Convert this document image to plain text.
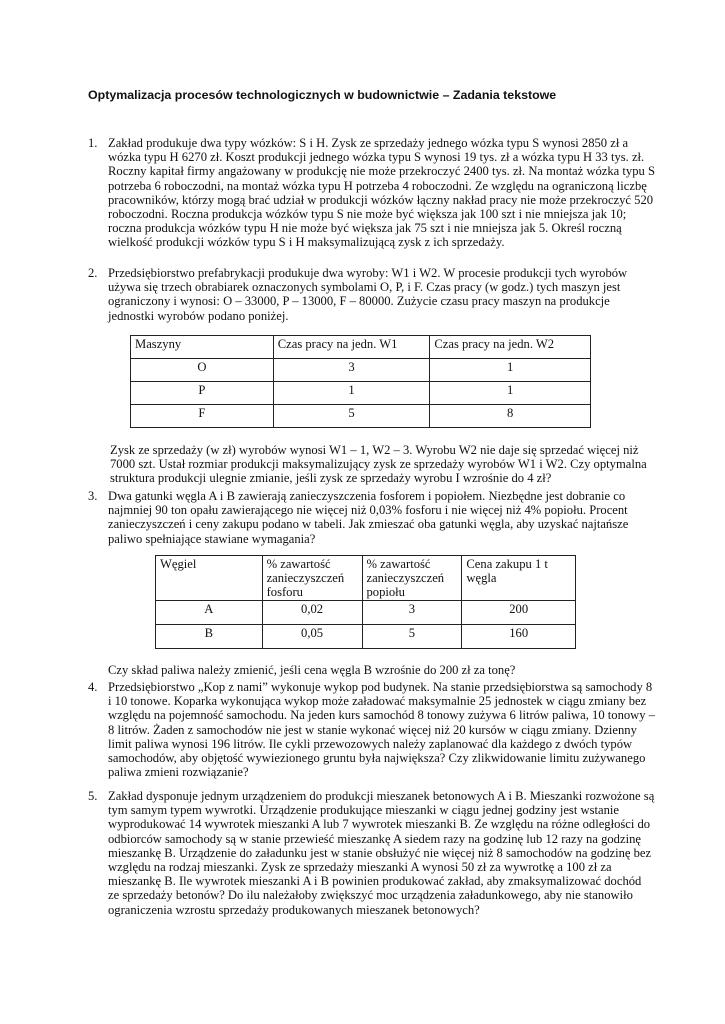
Optymalizacja procesów technologicznych w budownictwie – Zadania tekstowe
1. Zakład produkuje dwa typy wózków: S i H. Zysk ze sprzedaży jednego wózka typu S wynosi 2850 zł a
wózka typu H 6270 zł. Koszt produkcji jednego wózka typu S wynosi 19 tys. zł a wózka typu H 33 tys. zł.
Roczny kapitał firmy angażowany w produkcję nie może przekroczyć 2400 tys. zł. Na montaż wózka typu S
potrzeba 6 roboczodni, na montaż wózka typu H potrzeba 4 roboczodni. Ze względu na ograniczoną liczbę
pracowników, którzy mogą brać udział w produkcji wózków łączny nakład pracy nie może przekroczyć 520
roboczodni. Roczna produkcja wózków typu S nie może być większa jak 100 szt i nie mniejsza jak 10;
roczna produkcja wózków typu H nie może być większa jak 75 szt i nie mniejsza jak 5. Określ roczną
wielkość produkcji wózków typu S i H maksymalizującą zysk z ich sprzedaży.
2. Przedsiębiorstwo prefabrykacji produkuje dwa wyroby: W1 i W2. W procesie produkcji tych wyrobów
używa się trzech obrabiarek oznaczonych symbolami O, P, i F. Czas pracy (w godz.) tych maszyn jest
ograniczony i wynosi: O – 33000, P – 13000, F – 80000. Zużycie czasu pracy maszyn na produkcje
jednostki wyrobów podano poniżej.
Maszyny	Czas pracy na jedn. W1	Czas pracy na jedn. W2
O	3	1
P	1	1
F	5	8
Zysk ze sprzedaży (w zł) wyrobów wynosi W1 – 1, W2 – 3. Wyrobu W2 nie daje się sprzedać więcej niż
7000 szt. Ustał rozmiar produkcji maksymalizujący zysk ze sprzedaży wyrobów W1 i W2. Czy optymalna
struktura produkcji ulegnie zmianie, jeśli zysk ze sprzedaży wyrobu I wzrośnie do 4 zł?
3. Dwa gatunki węgla A i B zawierają zanieczyszczenia fosforem i popiołem. Niezbędne jest dobranie co
najmniej 90 ton opału zawierającego nie więcej niż 0,03% fosforu i nie więcej niż 4% popiołu. Procent
zanieczyszczeń i ceny zakupu podano w tabeli. Jak zmieszać oba gatunki węgla, aby uzyskać najtańsze
paliwo spełniające stawiane wymagania?
Węgiel	% zawartość zanieczyszczeń fosforu	% zawartość zanieczyszczeń popiołu	Cena zakupu 1 t węgla
A	0,02	3	200
B	0,05	5	160
Czy skład paliwa należy zmienić, jeśli cena węgla B wzrośnie do 200 zł za tonę?
4. Przedsiębiorstwo „Kop z nami” wykonuje wykop pod budynek. Na stanie przedsiębiorstwa są samochody 8
i 10 tonowe. Koparka wykonująca wykop może załadować maksymalnie 25 jednostek w ciągu zmiany bez
względu na pojemność samochodu. Na jeden kurs samochód 8 tonowy zużywa 6 litrów paliwa, 10 tonowy –
8 litrów. Żaden z samochodów nie jest w stanie wykonać więcej niż 20 kursów w ciągu zmiany. Dzienny
limit paliwa wynosi 196 litrów. Ile cykli przewozowych należy zaplanować dla każdego z dwóch typów
samochodów, aby objętość wywiezionego gruntu była największa? Czy zlikwidowanie limitu zużywanego
paliwa zmieni rozwiązanie?
5. Zakład dysponuje jednym urządzeniem do produkcji mieszanek betonowych A i B. Mieszanki rozwożone są
tym samym typem wywrotki. Urządzenie produkujące mieszanki w ciągu jednej godziny jest wstanie
wyprodukować 14 wywrotek mieszanki A lub 7 wywrotek mieszanki B. Ze względu na różne odległości do
odbiorców samochody są w stanie przewieść mieszankę A siedem razy na godzinę lub 12 razy na godzinę
mieszankę B. Urządzenie do załadunku jest w stanie obsłużyć nie więcej niż 8 samochodów na godzinę bez
względu na rodzaj mieszanki. Zysk ze sprzedaży mieszanki A wynosi 50 zł za wywrotkę a 100 zł za
mieszankę B. Ile wywrotek mieszanki A i B powinien produkować zakład, aby zmaksymalizować dochód
ze sprzedaży betonów? Do ilu należałoby zwiększyć moc urządzenia załadunkowego, aby nie stanowiło
ograniczenia wzrostu sprzedaży produkowanych mieszanek betonowych?
